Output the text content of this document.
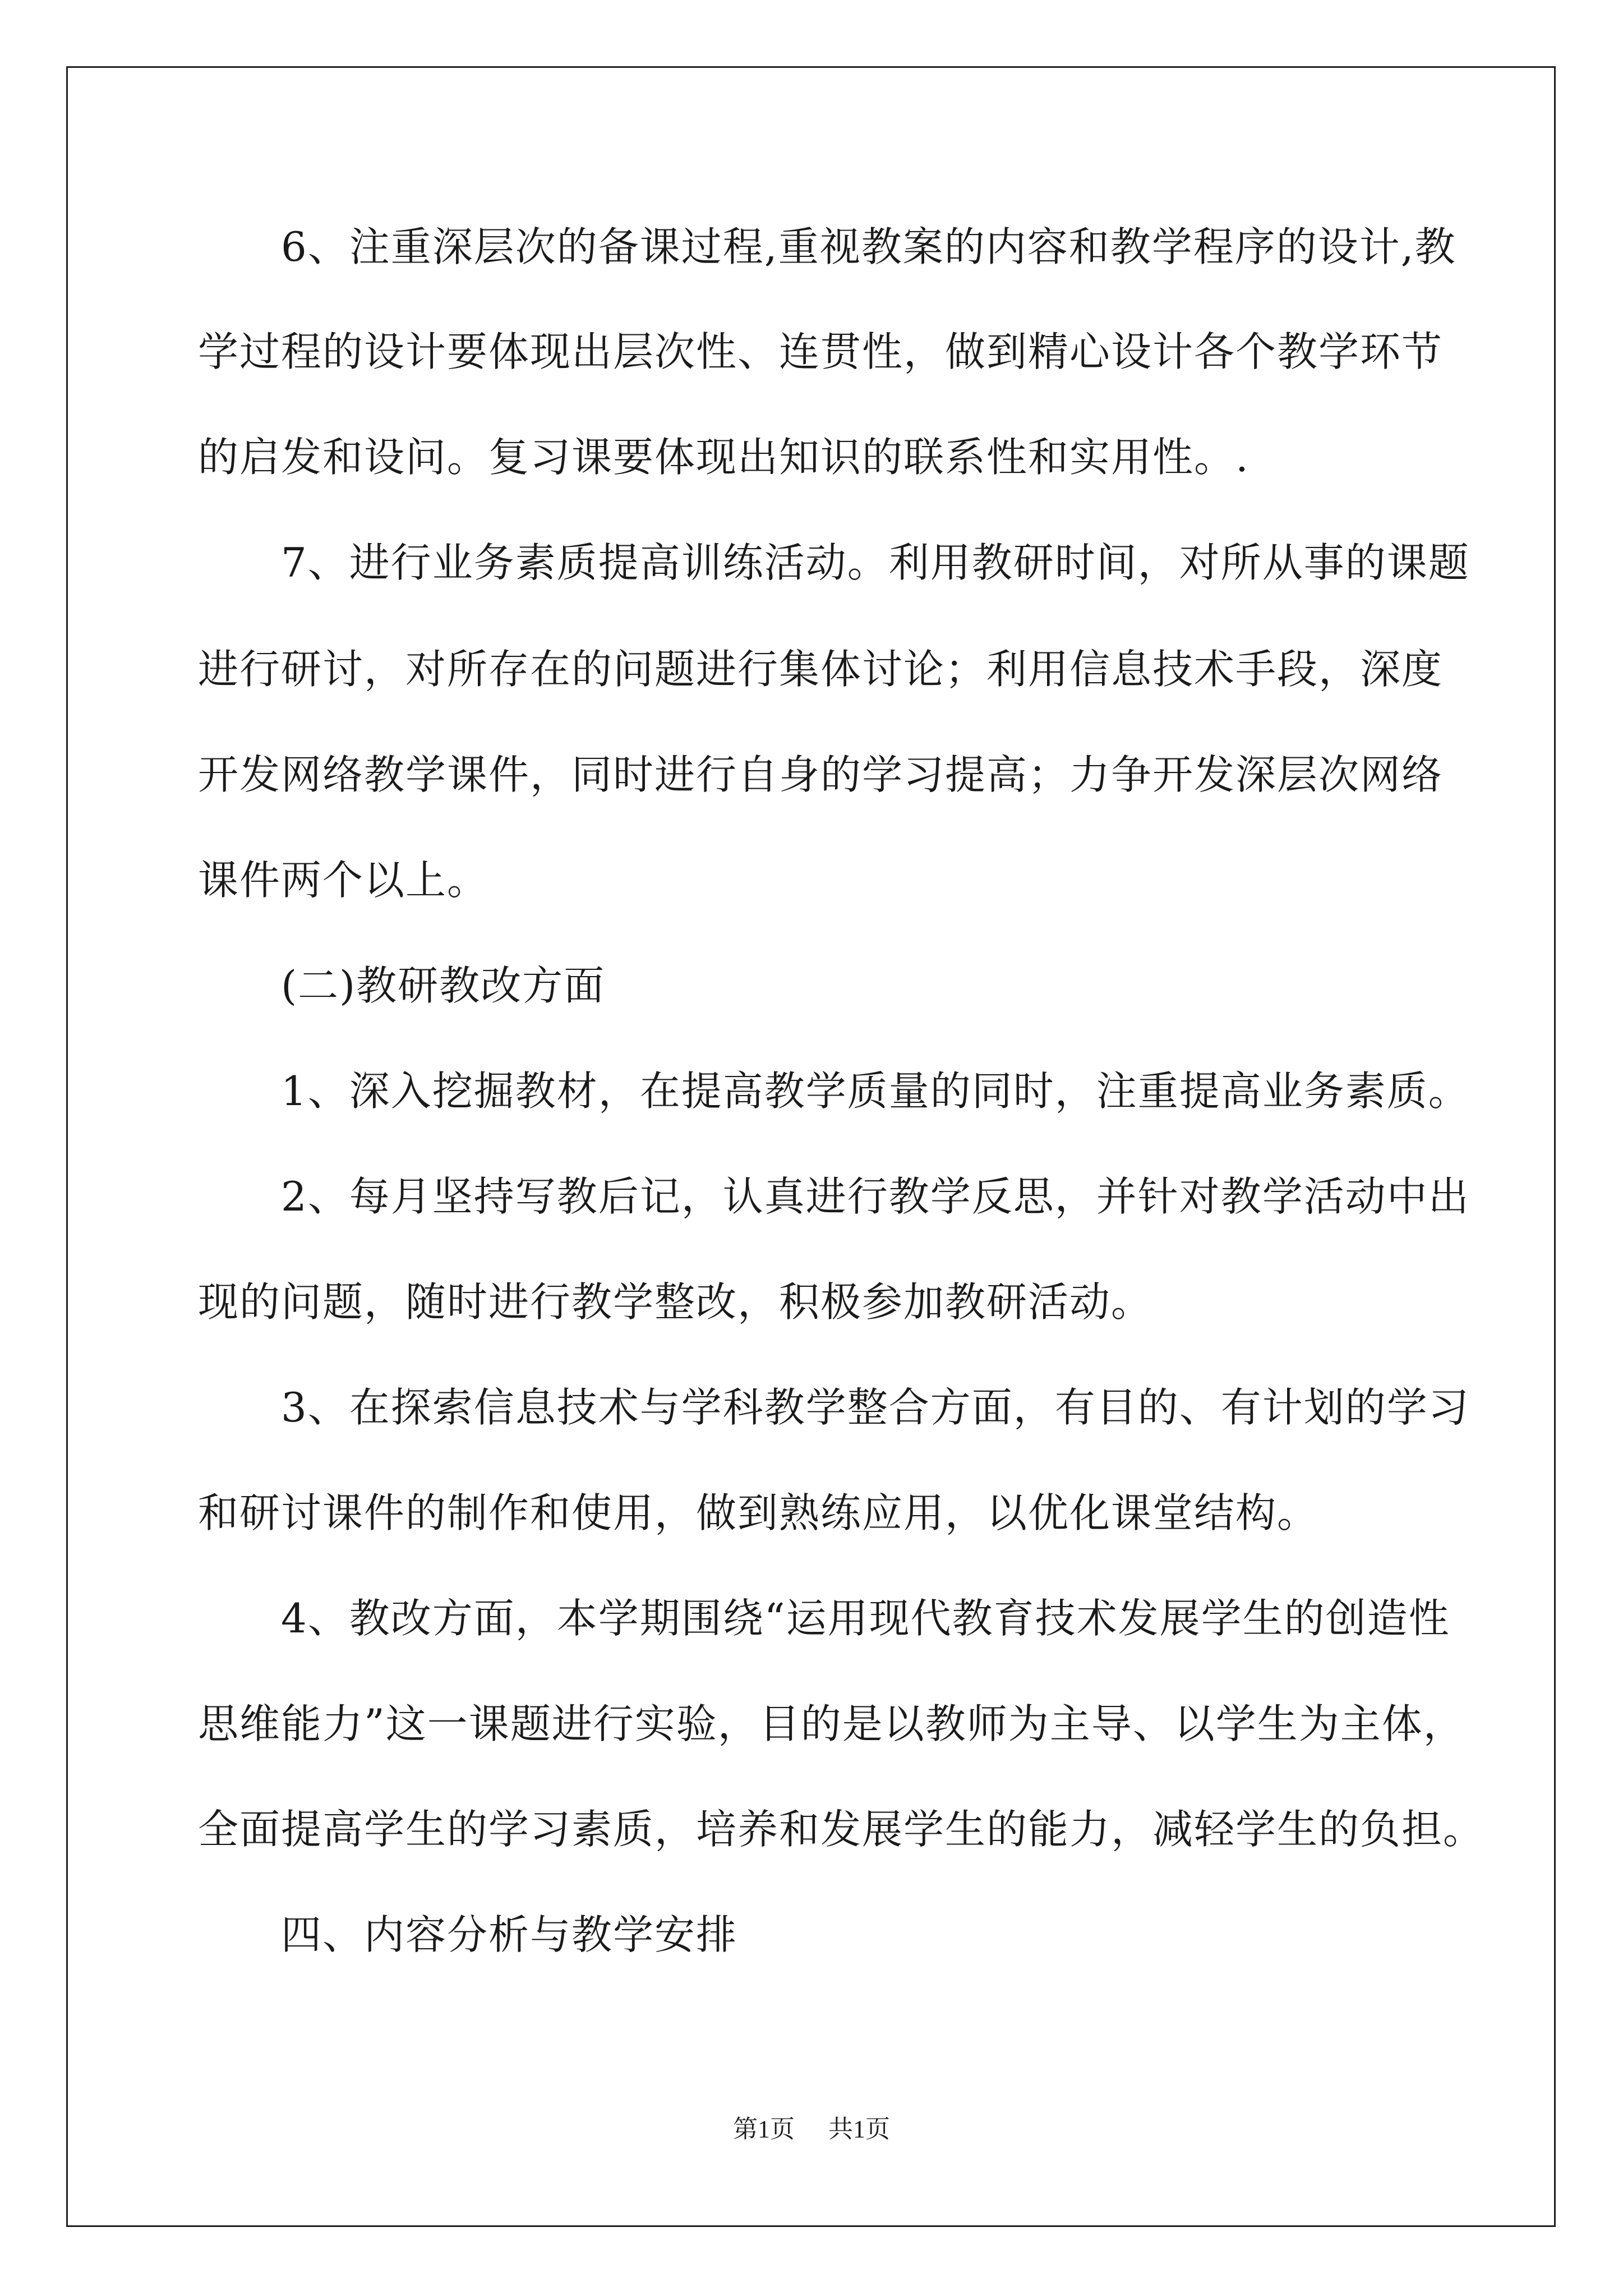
6、注重深层次的备课过程,重视教案的内容和教学程序的设计,教
学过程的设计要体现出层次性、连贯性，做到精心设计各个教学环节
的启发和设问。复习课要体现出知识的联系性和实用性。.
7、进行业务素质提高训练活动。利用教研时间，对所从事的课题
进行研讨，对所存在的问题进行集体讨论；利用信息技术手段，深度
开发网络教学课件，同时进行自身的学习提高；力争开发深层次网络
课件两个以上。
(二)教研教改方面
1、深入挖掘教材，在提高教学质量的同时，注重提高业务素质。
2、每月坚持写教后记，认真进行教学反思，并针对教学活动中出
现的问题，随时进行教学整改，积极参加教研活动。
3、在探索信息技术与学科教学整合方面，有目的、有计划的学习
和研讨课件的制作和使用，做到熟练应用，以优化课堂结构。
4、教改方面，本学期围绕“运用现代教育技术发展学生的创造性
思维能力”这一课题进行实验，目的是以教师为主导、以学生为主体，
全面提高学生的学习素质，培养和发展学生的能力，减轻学生的负担。
四、内容分析与教学安排
第1页 共1页
